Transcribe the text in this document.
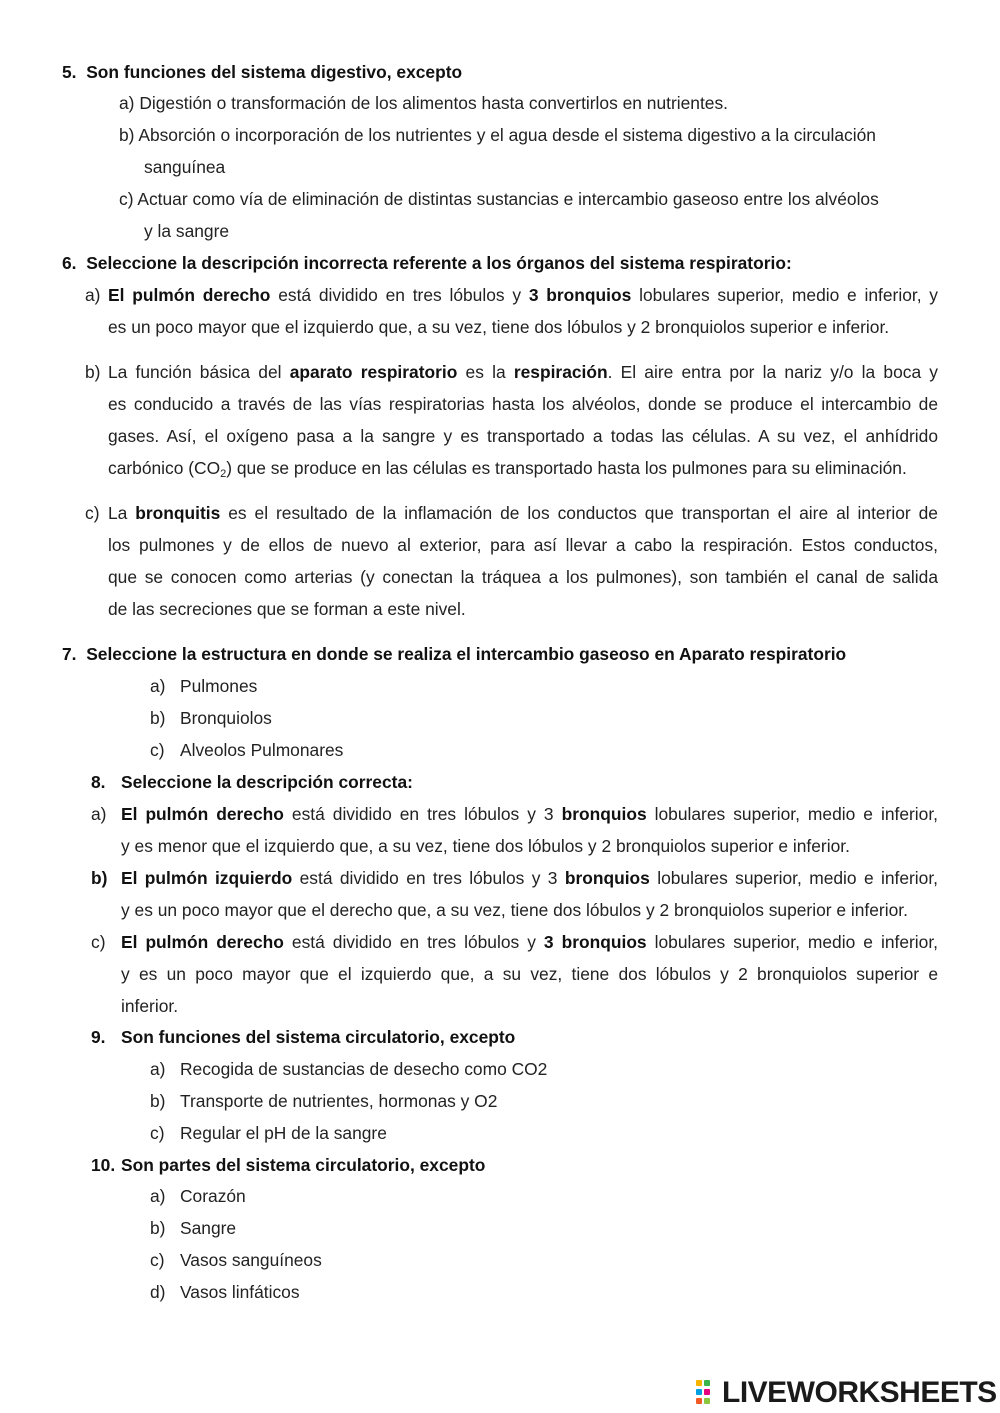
5. Son funciones del sistema digestivo, excepto
a) Digestión o transformación de los alimentos hasta convertirlos en nutrientes.
b) Absorción o incorporación de los nutrientes y el agua desde el sistema digestivo a la circulación
sanguínea
c) Actuar como vía de eliminación de distintas sustancias e intercambio gaseoso entre los alvéolos
y la sangre
6. Seleccione la descripción incorrecta referente a los órganos del sistema respiratorio:
a) El pulmón derecho está dividido en tres lóbulos y 3 bronquios lobulares superior, medio e inferior, y
es un poco mayor que el izquierdo que, a su vez, tiene dos lóbulos y 2 bronquiolos superior e inferior.
b) La función básica del aparato respiratorio es la respiración. El aire entra por la nariz y/o la boca y
es conducido a través de las vías respiratorias hasta los alvéolos, donde se produce el intercambio de
gases. Así, el oxígeno pasa a la sangre y es transportado a todas las células. A su vez, el anhídrido
carbónico $(CO_2)$ que se produce en las células es transportado hasta los pulmones para su eliminación.
c) La bronquitis es el resultado de la inflamación de los conductos que transportan el aire al interior de
los pulmones y de ellos de nuevo al exterior, para así llevar a cabo la respiración. Estos conductos,
que se conocen como arterias (y conectan la tráquea a los pulmones), son también el canal de salida
de las secreciones que se forman a este nivel.
7. Seleccione la estructura en donde se realiza el intercambio gaseoso en Aparato respiratorio
a) Pulmones
b) Bronquiolos
c) Alveolos Pulmonares
8. Seleccione la descripción correcta:
a) El pulmón derecho está dividido en tres lóbulos y 3 bronquios lobulares superior, medio e inferior,
y es menor que el izquierdo que, a su vez, tiene dos lóbulos y 2 bronquiolos superior e inferior.
b) El pulmón izquierdo está dividido en tres lóbulos y 3 bronquios lobulares superior, medio e inferior,
y es un poco mayor que el derecho que, a su vez, tiene dos lóbulos y 2 bronquiolos superior e inferior.
c) El pulmón derecho está dividido en tres lóbulos y 3 bronquios lobulares superior, medio e inferior,
y es un poco mayor que el izquierdo que, a su vez, tiene dos lóbulos y 2 bronquiolos superior e
inferior.
9. Son funciones del sistema circulatorio, excepto
a) Recogida de sustancias de desecho como CO2
b) Transporte de nutrientes, hormonas y O2
c) Regular el pH de la sangre
10. Son partes del sistema circulatorio, excepto
a) Corazón
b) Sangre
c) Vasos sanguíneos
d) Vasos linfáticos
LIVEWORKSHEETS
